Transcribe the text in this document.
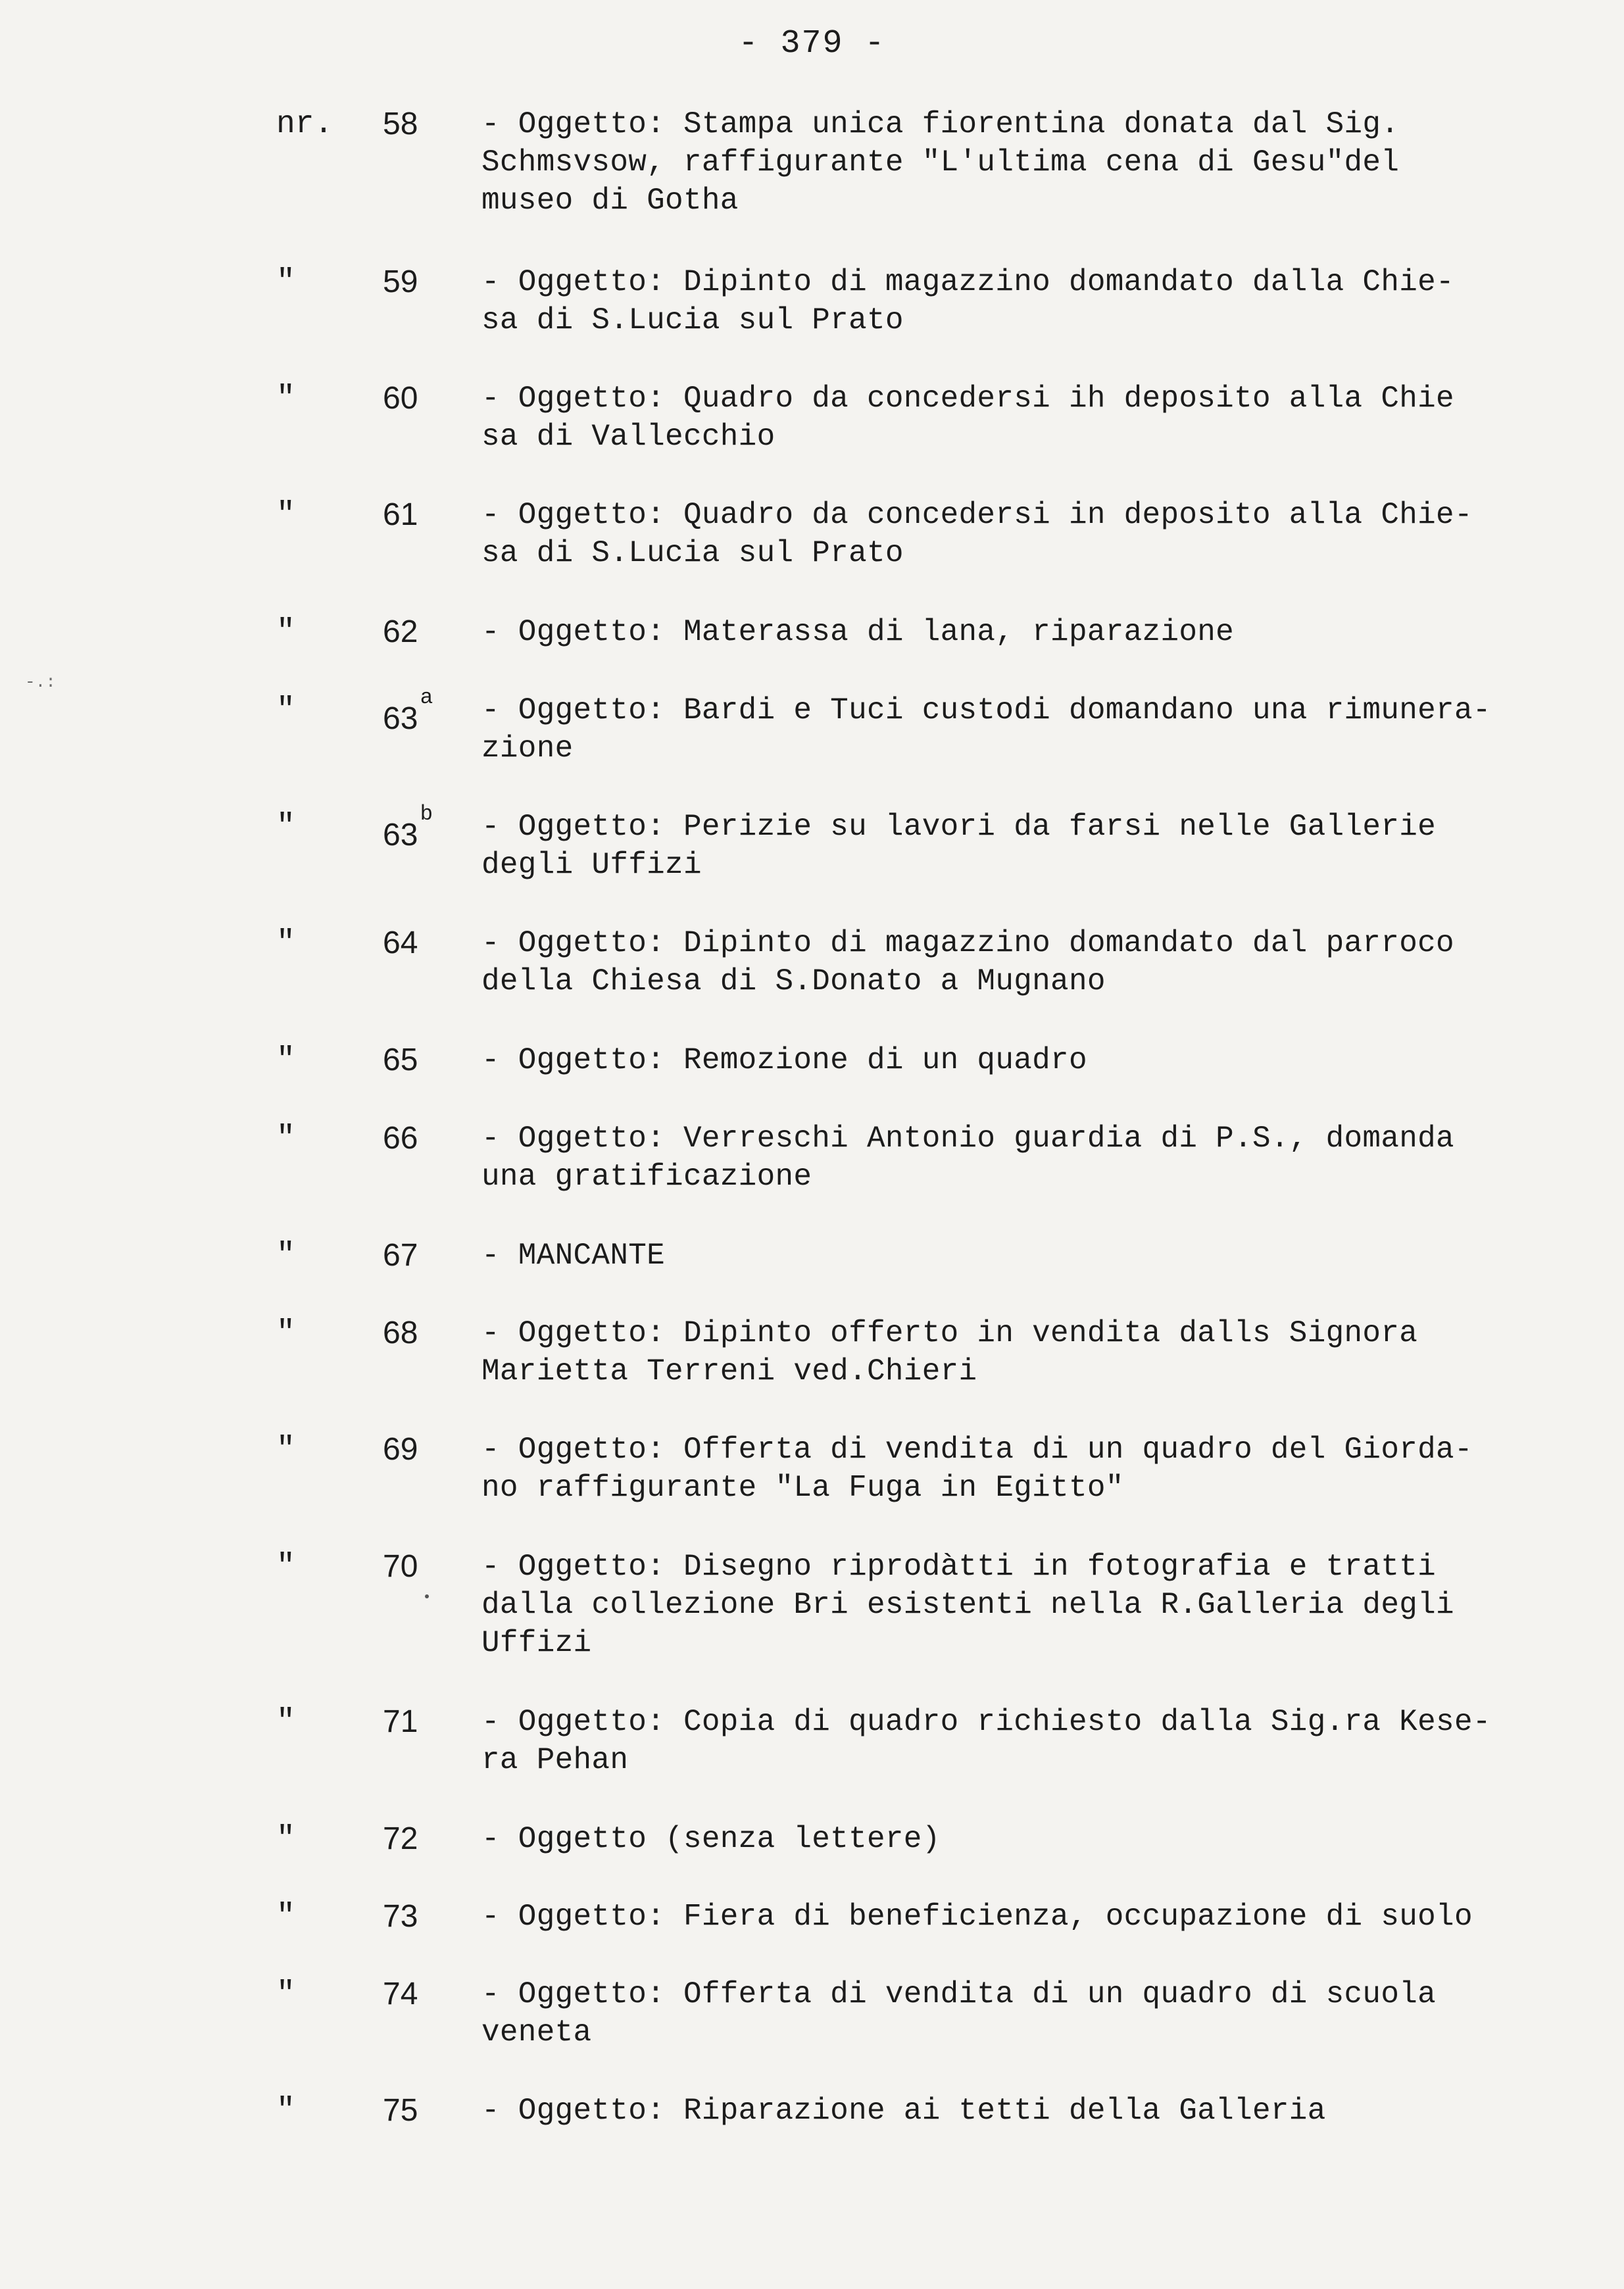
- 379 -
-.:
nr. 58 - Oggetto: Stampa unica fiorentina donata dal Sig.
Schmsvsow, raffigurante "L'ultima cena di Gesu"del
museo di Gotha
"	59 - Oggetto: Dipinto di magazzino domandato dalla Chie-
sa di S.Lucia sul Prato
"	60 - Oggetto: Quadro da concedersi ih deposito alla Chie
sa di Vallecchio
"	61 - Oggetto: Quadro da concedersi in deposito alla Chie-
sa di S.Lucia sul Prato
"	62 - Oggetto: Materassa di lana, riparazione
"	63$^a$ - Oggetto: Bardi e Tuci custodi domandano una rimunera-
zione
"	63$^b$ - Oggetto: Perizie su lavori da farsi nelle Gallerie
degli Uffizi
"	64 - Oggetto: Dipinto di magazzino domandato dal parroco
della Chiesa di S.Donato a Mugnano
"	65 - Oggetto: Remozione di un quadro
"	66 - Oggetto: Verreschi Antonio guardia di P.S., domanda
una gratificazione
"	67 - MANCANTE
"	68 - Oggetto: Dipinto offerto in vendita dalls Signora
Marietta Terreni ved.Chieri
"	69 - Oggetto: Offerta di vendita di un quadro del Giorda-
no raffigurante "La Fuga in Egitto"
"	70 - Oggetto: Disegno riprodàtti in fotografia e tratti
dalla collezione Bri esistenti nella R.Galleria degli
Uffizi
"	71 - Oggetto: Copia di quadro richiesto dalla Sig.ra Kese-
ra Pehan
"	72 - Oggetto (senza lettere)
"	73 - Oggetto: Fiera di beneficienza, occupazione di suolo
"	74 - Oggetto: Offerta di vendita di un quadro di scuola
veneta
"	75 - Oggetto: Riparazione ai tetti della Galleria
